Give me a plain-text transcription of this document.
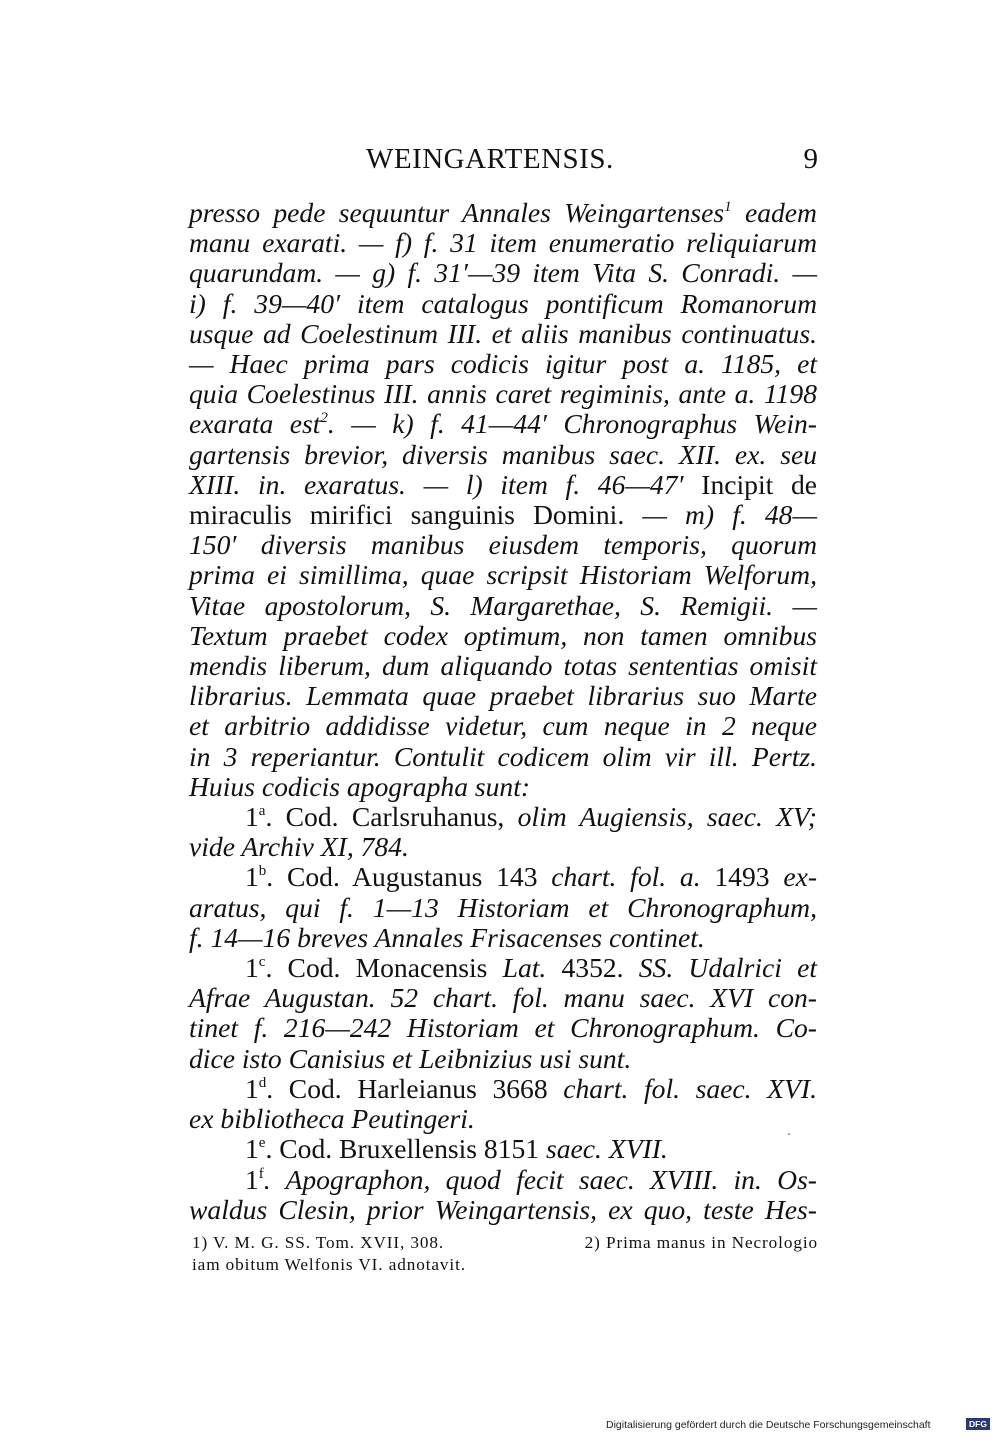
WEINGARTENSIS.	9
presso pede sequuntur Annales Weingartenses$^1$ eadem
manu exarati. — f) f. 31 item enumeratio reliquiarum
quarundam. — g) f. 31′—39 item Vita S. Conradi. —
i) f. 39—40′ item catalogus pontificum Romanorum
usque ad Coelestinum III. et aliis manibus continuatus.
— Haec prima pars codicis igitur post a. 1185, et
quia Coelestinus III. annis caret regiminis, ante a. 1198
exarata est$^2$. — k) f. 41—44′ Chronographus Wein-
gartensis brevior, diversis manibus saec. XII. ex. seu
XIII. in. exaratus. — l) item f. 46—47′ Incipit de
miraculis mirifici sanguinis Domini. — m) f. 48—
150′ diversis manibus eiusdem temporis, quorum
prima ei simillima, quae scripsit Historiam Welforum,
Vitae apostolorum, S. Margarethae, S. Remigii. —
Textum praebet codex optimum, non tamen omnibus
mendis liberum, dum aliquando totas sententias omisit
librarius. Lemmata quae praebet librarius suo Marte
et arbitrio addidisse videtur, cum neque in 2 neque
in 3 reperiantur. Contulit codicem olim vir ill. Pertz.
Huius codicis apographa sunt:
1$^a$. Cod. Carlsruhanus, olim Augiensis, saec. XV;
vide Archiv XI, 784.
1$^b$. Cod. Augustanus 143 chart. fol. a. 1493 ex-
aratus, qui f. 1—13 Historiam et Chronographum,
f. 14—16 breves Annales Frisacenses continet.
1$^c$. Cod. Monacensis Lat. 4352. SS. Udalrici et
Afrae Augustan. 52 chart. fol. manu saec. XVI con-
tinet f. 216—242 Historiam et Chronographum. Co-
dice isto Canisius et Leibnizius usi sunt.
1$^d$. Cod. Harleianus 3668 chart. fol. saec. XVI.
ex bibliotheca Peutingeri.
1e. Cod. Bruxellensis 8151 saec. XVII.
1$^f$. Apographon, quod fecit saec. XVIII. in. Os-
waldus Clesin, prior Weingartensis, ex quo, teste Hes-
1) V. M. G. SS. Tom. XVII, 308.	2) Prima manus in Necrologio
iam obitum Welfonis VI. adnotavit.
Digitalisierung gefördert durch die Deutsche Forschungsgemeinschaft	DFG
